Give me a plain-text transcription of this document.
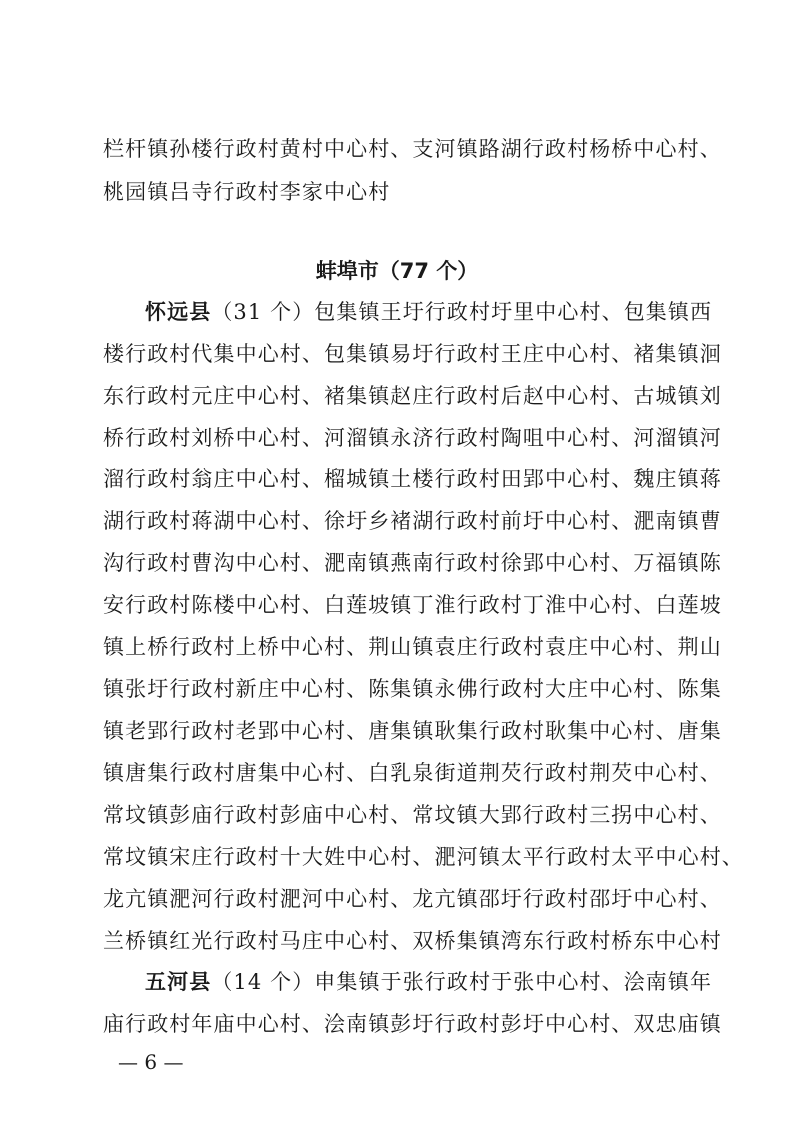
栏杆镇孙楼行政村黄村中心村、支河镇路湖行政村杨桥中心村、
桃园镇吕寺行政村李家中心村
蚌埠市（77 个）
怀远县（31 个）包集镇王圩行政村圩里中心村、包集镇西
楼行政村代集中心村、包集镇易圩行政村王庄中心村、褚集镇洄
东行政村元庄中心村、褚集镇赵庄行政村后赵中心村、古城镇刘
桥行政村刘桥中心村、河溜镇永济行政村陶咀中心村、河溜镇河
溜行政村翁庄中心村、榴城镇土楼行政村田郢中心村、魏庄镇蒋
湖行政村蒋湖中心村、徐圩乡褚湖行政村前圩中心村、淝南镇曹
沟行政村曹沟中心村、淝南镇燕南行政村徐郢中心村、万福镇陈
安行政村陈楼中心村、白莲坡镇丁淮行政村丁淮中心村、白莲坡
镇上桥行政村上桥中心村、荆山镇袁庄行政村袁庄中心村、荆山
镇张圩行政村新庄中心村、陈集镇永佛行政村大庄中心村、陈集
镇老郢行政村老郢中心村、唐集镇耿集行政村耿集中心村、唐集
镇唐集行政村唐集中心村、白乳泉街道荆芡行政村荆芡中心村、
常坟镇彭庙行政村彭庙中心村、常坟镇大郢行政村三拐中心村、
常坟镇宋庄行政村十大姓中心村、淝河镇太平行政村太平中心村、
龙亢镇淝河行政村淝河中心村、龙亢镇邵圩行政村邵圩中心村、
兰桥镇红光行政村马庄中心村、双桥集镇湾东行政村桥东中心村
五河县（14 个）申集镇于张行政村于张中心村、浍南镇年
庙行政村年庙中心村、浍南镇彭圩行政村彭圩中心村、双忠庙镇
— 6 —
